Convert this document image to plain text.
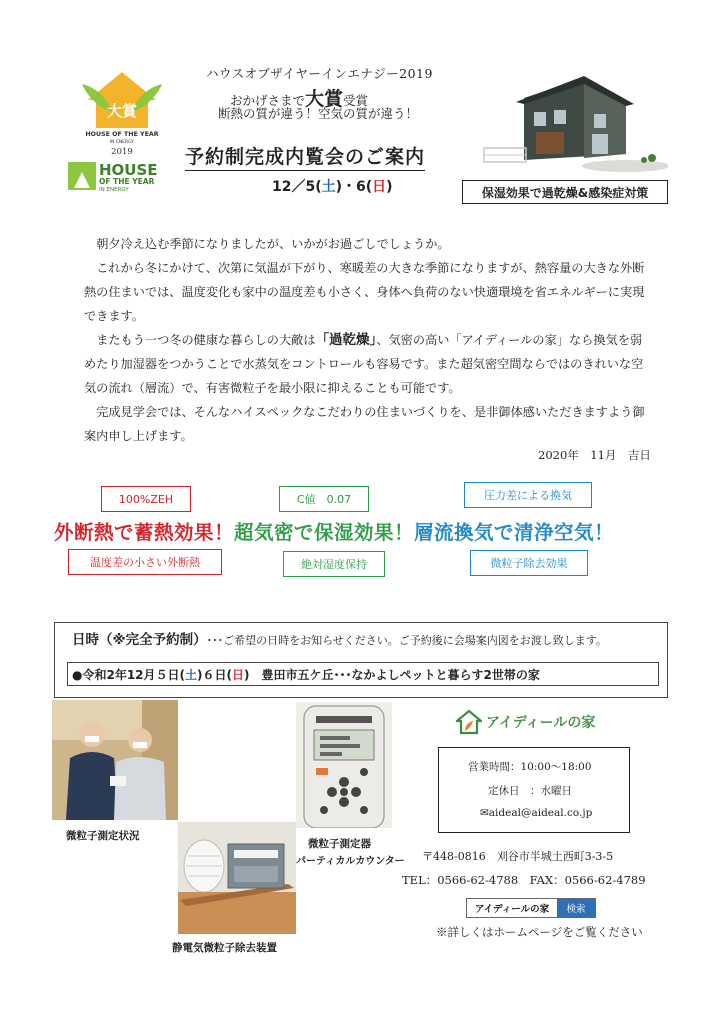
大賞
HOUSE OF THE YEAR
IN ENERGY
2019
HOUSE
OF THE YEAR
IN ENERGY
ハウスオブザイヤーインエナジー2019
おかげさまで大賞受賞
断熱の質が違う！空気の質が違う！
予約制完成内覧会のご案内
12／5(土)・6(日)	保湿効果で過乾燥&感染症対策

朝夕冷え込む季節になりましたが、いかがお過ごしでしょうか。

これから冬にかけて、次第に気温が下がり、寒暖差の大きな季節になりますが、熱容量の大きな外断熱の住まいでは、温度変化も家中の温度差も小さく、身体へ負荷のない快適環境を省エネルギーに実現できます。

またもう一つ冬の健康な暮らしの大敵は「過乾燥」、気密の高い「アイディールの家」なら換気を弱めたり加湿器をつかうことで水蒸気をコントロールも容易です。また超気密空間ならではのきれいな空気の流れ（層流）で、有害微粒子を最小限に抑えることも可能です。

完成見学会では、そんなハイスペックなこだわりの住まいづくりを、是非御体感いただきますよう御案内申し上げます。

2020年　11月　吉日
100%ZEH	C値　0.07	圧力差による換気
外断熱で蓄熱効果！超気密で保湿効果！層流換気で清浄空気！
温度差の小さい外断熱	絶対湿度保持	微粒子除去効果
日時（※完全予約制）･･･ご希望の日時をお知らせください。ご予約後に会場案内図をお渡し致します。
●令和2年12月５日( 土 )６日( 日 )　豊田市五ケ丘･･･なかよしペットと暮らす2世帯の家
微粒子測定状況
微粒子測定器
パーティカルカウンター
静電気微粒子除去装置
アイディールの家
営業時間：10:00～18:00
定休日　：水曜日
✉aideal@aideal.co.jp
〒448-0816　刈谷市半城土西町3-3-5
TEL：0566-62-4788　FAX：0566-62-4789
アイディールの家	検索
※詳しくはホームページをご覧ください
